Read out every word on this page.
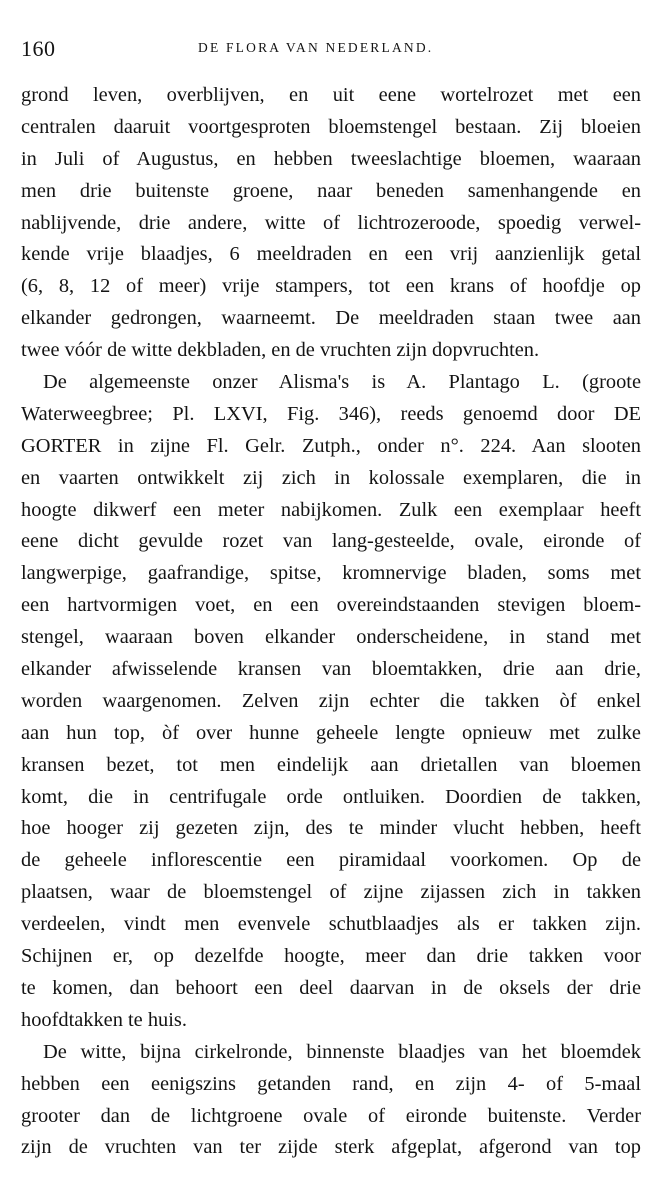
160	DE FLORA VAN NEDERLAND.
grond leven, overblijven, en uit eene wortelrozet met een
centralen daaruit voortgesproten bloemstengel bestaan. Zij bloeien
in Juli of Augustus, en hebben tweeslachtige bloemen, waaraan
men drie buitenste groene, naar beneden samenhangende en
nablijvende, drie andere, witte of lichtrozeroode, spoedig verwel-
kende vrije blaadjes, 6 meeldraden en een vrij aanzienlijk getal
(6, 8, 12 of meer) vrije stampers, tot een krans of hoofdje op
elkander gedrongen, waarneemt. De meeldraden staan twee aan
twee vóór de witte dekbladen, en de vruchten zijn dopvruchten.
De algemeenste onzer Alisma's is A. Plantago L. (groote
Waterweegbree; Pl. LXVI, Fig. 346), reeds genoemd door DE
GORTER in zijne Fl. Gelr. Zutph., onder n°. 224. Aan slooten
en vaarten ontwikkelt zij zich in kolossale exemplaren, die in
hoogte dikwerf een meter nabijkomen. Zulk een exemplaar heeft
eene dicht gevulde rozet van lang-gesteelde, ovale, eironde of
langwerpige, gaafrandige, spitse, kromnervige bladen, soms met
een hartvormigen voet, en een overeindstaanden stevigen bloem-
stengel, waaraan boven elkander onderscheidene, in stand met
elkander afwisselende kransen van bloemtakken, drie aan drie,
worden waargenomen. Zelven zijn echter die takken òf enkel
aan hun top, òf over hunne geheele lengte opnieuw met zulke
kransen bezet, tot men eindelijk aan drietallen van bloemen
komt, die in centrifugale orde ontluiken. Doordien de takken,
hoe hooger zij gezeten zijn, des te minder vlucht hebben, heeft
de geheele inflorescentie een piramidaal voorkomen. Op de
plaatsen, waar de bloemstengel of zijne zijassen zich in takken
verdeelen, vindt men evenvele schutblaadjes als er takken zijn.
Schijnen er, op dezelfde hoogte, meer dan drie takken voor
te komen, dan behoort een deel daarvan in de oksels der drie
hoofdtakken te huis.
De witte, bijna cirkelronde, binnenste blaadjes van het bloemdek
hebben een eenigszins getanden rand, en zijn 4- of 5-maal
grooter dan de lichtgroene ovale of eironde buitenste. Verder
zijn de vruchten van ter zijde sterk afgeplat, afgerond van top
